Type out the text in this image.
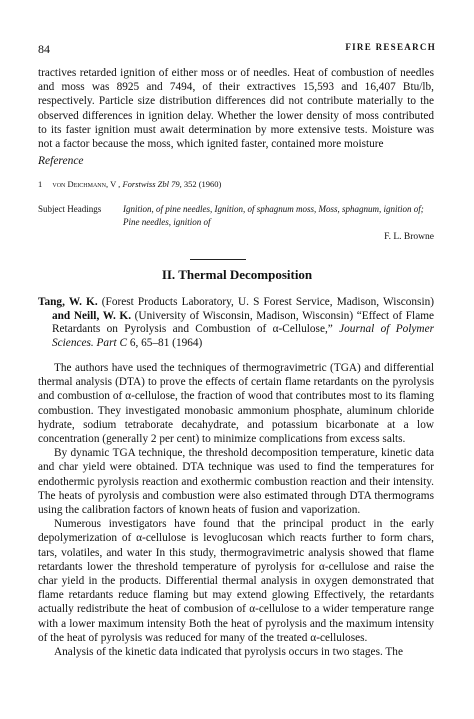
84	FIRE RESEARCH

tractives retarded ignition of either moss or of needles. Heat of combustion of needles and moss was 8925 and 7494, of their extractives 15,593 and 16,407 Btu/lb, respectively. Particle size distribution differences did not contribute materially to the observed differences in ignition delay. Whether the lower density of moss contributed to its faster ignition must await determination by more extensive tests. Moisture was not a factor because the moss, which ignited faster, contained more moisture

Reference
1 von Deichmann, V , Forstwiss Zbl 79, 352 (1960)
Subject Headings Ignition, of pine needles, Ignition, of sphagnum moss, Moss, sphagnum, ignition of; Pine needles, ignition of
F. L. Browne
II. Thermal Decomposition
Tang, W. K. (Forest Products Laboratory, U. S Forest Service, Madison, Wisconsin) and Neill, W. K. (University of Wisconsin, Madison, Wisconsin) “Effect of Flame Retardants on Pyrolysis and Combustion of α-Cellulose,” Journal of Polymer Sciences. Part C 6, 65–81 (1964)

The authors have used the techniques of thermogravimetric (TGA) and differential thermal analysis (DTA) to prove the effects of certain flame retardants on the pyrolysis and combustion of α-cellulose, the fraction of wood that contributes most to its flaming combustion. They investigated monobasic ammonium phosphate, aluminum chloride hydrate, sodium tetraborate decahydrate, and potassium bicarbonate at a low concentration (generally 2 per cent) to minimize complications from excess salts.

By dynamic TGA technique, the threshold decomposition temperature, kinetic data and char yield were obtained. DTA technique was used to find the temperatures for endothermic pyrolysis reaction and exothermic combustion reaction and their intensity. The heats of pyrolysis and combustion were also estimated through DTA thermograms using the calibration factors of known heats of fusion and vaporization.

Numerous investigators have found that the principal product in the early depolymerization of α-cellulose is levoglucosan which reacts further to form chars, tars, volatiles, and water In this study, thermogravimetric analysis showed that flame retardants lower the threshold temperature of pyrolysis for α-cellulose and raise the char yield in the products. Differential thermal analysis in oxygen demonstrated that flame retardants reduce flaming but may extend glowing Effectively, the retardants actually redistribute the heat of combusion of α-cellulose to a wider temperature range with a lower maximum intensity Both the heat of pyrolysis and the maximum intensity of the heat of pyrolysis was reduced for many of the treated α-celluloses.

Analysis of the kinetic data indicated that pyrolysis occurs in two stages. The
